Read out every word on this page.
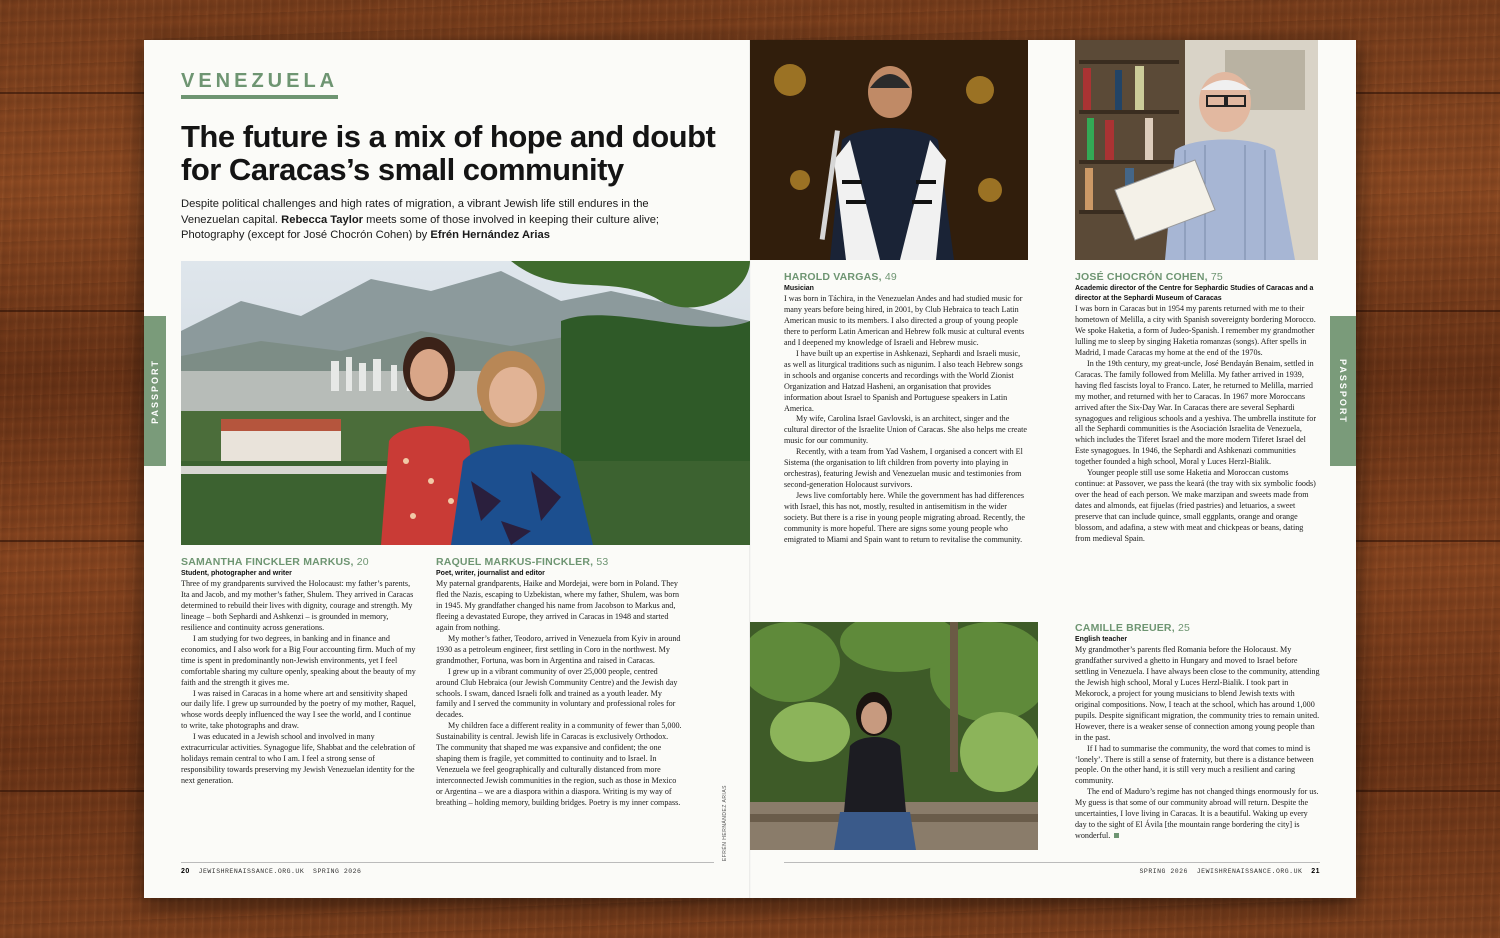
PASSPORT	PASSPORT
VENEZUELA
The future is a mix of hope and doubt for Caracas’s small community
Despite political challenges and high rates of migration, a vibrant Jewish life still endures in the Venezuelan capital. Rebecca Taylor meets some of those involved in keeping their culture alive; Photography (except for José Chocrón Cohen) by Efrén Hernández Arias
EFRÉN HERNÁNDEZ ARIAS
SAMANTHA FINCKLER MARKUS, 20
Student, photographer and writer

Three of my grandparents survived the Holocaust: my father’s parents, Ita and Jacob, and my mother’s father, Shulem. They arrived in Caracas determined to rebuild their lives with dignity, courage and strength. My lineage – both Sephardi and Ashkenzi – is grounded in memory, resilience and continuity across generations.

I am studying for two degrees, in banking and in finance and economics, and I also work for a Big Four accounting firm. Much of my time is spent in predominantly non-Jewish environments, yet I feel comfortable sharing my culture openly, speaking about the beauty of my faith and the strength it gives me.

I was raised in Caracas in a home where art and sensitivity shaped our daily life. I grew up surrounded by the poetry of my mother, Raquel, whose words deeply influenced the way I see the world, and I continue to write, take photographs and draw.

I was educated in a Jewish school and involved in many extracurricular activities. Synagogue life, Shabbat and the celebration of holidays remain central to who I am. I feel a strong sense of responsibility towards preserving my Jewish Venezuelan identity for the next generation.

RAQUEL MARKUS-FINCKLER, 53
Poet, writer, journalist and editor

My paternal grandparents, Haike and Mordejai, were born in Poland. They fled the Nazis, escaping to Uzbekistan, where my father, Shulem, was born in 1945. My grandfather changed his name from Jacobson to Markus and, fleeing a devastated Europe, they arrived in Caracas in 1948 and started again from nothing.

My mother’s father, Teodoro, arrived in Venezuela from Kyiv in around 1930 as a petroleum engineer, first settling in Coro in the northwest. My grandmother, Fortuna, was born in Argentina and raised in Caracas.

I grew up in a vibrant community of over 25,000 people, centred around Club Hebraica (our Jewish Community Centre) and the Jewish day schools. I swam, danced Israeli folk and trained as a youth leader. My family and I served the community in voluntary and professional roles for decades.

My children face a different reality in a community of fewer than 5,000. Sustainability is central. Jewish life in Caracas is exclusively Orthodox. The community that shaped me was expansive and confident; the one shaping them is fragile, yet committed to continuity and to Israel. In Venezuela we feel geographically and culturally distanced from more interconnected Jewish communities in the region, such as those in Mexico or Argentina – we are a diaspora within a diaspora. Writing is my way of breathing – holding memory, building bridges. Poetry is my inner compass.

HAROLD VARGAS, 49
Musician

I was born in Táchira, in the Venezuelan Andes and had studied music for many years before being hired, in 2001, by Club Hebraica to teach Latin American music to its members. I also directed a group of young people there to perform Latin American and Hebrew folk music at cultural events and I deepened my knowledge of Israeli and Hebrew music.

I have built up an expertise in Ashkenazi, Sephardi and Israeli music, as well as liturgical traditions such as nigunim. I also teach Hebrew songs in schools and organise concerts and recordings with the World Zionist Organization and Hatzad Hasheni, an organisation that provides information about Israel to Spanish and Portuguese speakers in Latin America.

My wife, Carolina Israel Gavlovski, is an architect, singer and the cultural director of the Israelite Union of Caracas. She also helps me create music for our community.

Recently, with a team from Yad Vashem, I organised a concert with El Sistema (the organisation to lift children from poverty into playing in orchestras), featuring Jewish and Venezuelan music and testimonies from second-generation Holocaust survivors.

Jews live comfortably here. While the government has had differences with Israel, this has not, mostly, resulted in antisemitism in the wider society. But there is a rise in young people migrating abroad. Recently, the community is more hopeful. There are signs some young people who emigrated to Miami and Spain want to return to revitalise the community.

JOSÉ CHOCRÓN COHEN, 75
Academic director of the Centre for Sephardic Studies of Caracas and a director at the Sephardi Museum of Caracas

I was born in Caracas but in 1954 my parents returned with me to their hometown of Melilla, a city with Spanish sovereignty bordering Morocco. We spoke Haketia, a form of Judeo-Spanish. I remember my grandmother lulling me to sleep by singing Haketia romanzas (songs). After spells in Madrid, I made Caracas my home at the end of the 1970s.

In the 19th century, my great-uncle, José Bendayán Benaim, settled in Caracas. The family followed from Melilla. My father arrived in 1939, having fled fascists loyal to Franco. Later, he returned to Melilla, married my mother, and returned with her to Caracas. In 1967 more Moroccans arrived after the Six-Day War. In Caracas there are several Sephardi synagogues and religious schools and a yeshiva. The umbrella institute for all the Sephardi communities is the Asociación Israelita de Venezuela, which includes the Tiferet Israel and the more modern Tiferet Israel del Este synagogues. In 1946, the Sephardi and Ashkenazi communities together founded a high school, Moral y Luces Herzl-Bialik.

Younger people still use some Haketia and Moroccan customs continue: at Passover, we pass the keará (the tray with six symbolic foods) over the head of each person. We make marzipan and sweets made from dates and almonds, eat fijuelas (fried pastries) and letuarios, a sweet preserve that can include quince, small eggplants, orange and orange blossom, and adafina, a stew with meat and chickpeas or beans, dating from medieval Spain.

CAMILLE BREUER, 25
English teacher

My grandmother’s parents fled Romania before the Holocaust. My grandfather survived a ghetto in Hungary and moved to Israel before settling in Venezuela. I have always been close to the community, attending the Jewish high school, Moral y Luces Herzl-Bialik. I took part in Mekorock, a project for young musicians to blend Jewish texts with original compositions. Now, I teach at the school, which has around 1,000 pupils. Despite significant migration, the community tries to remain united. However, there is a weaker sense of connection among young people than in the past.

If I had to summarise the community, the word that comes to mind is ‘lonely’. There is still a sense of fraternity, but there is a distance between people. On the other hand, it is still very much a resilient and caring community.

The end of Maduro’s regime has not changed things enormously for us. My guess is that some of our community abroad will return. Despite the uncertainties, I love living in Caracas. It is a beautiful. Waking up every day to the sight of El Ávila [the mountain range bordering the city] is wonderful.

20 JEWISHRENAISSANCE.ORG.UK SPRING 2026	SPRING 2026 JEWISHRENAISSANCE.ORG.UK 21
